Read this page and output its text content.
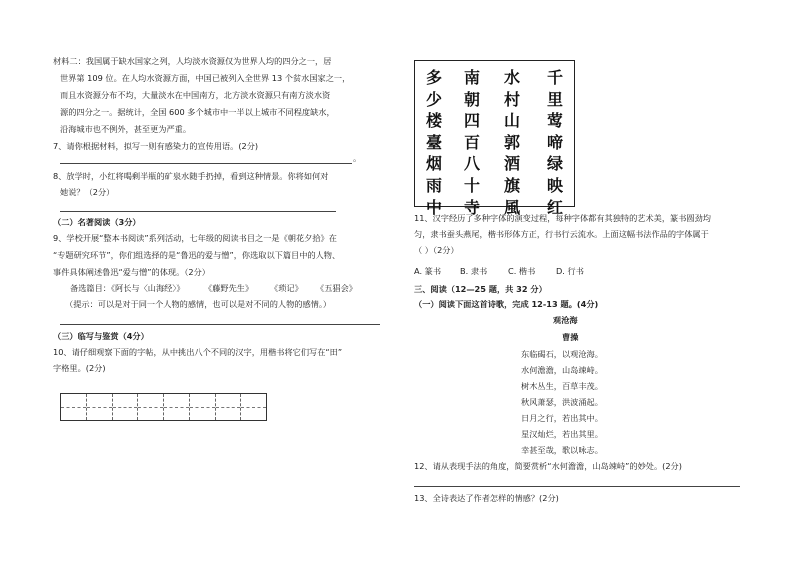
材料二：我国属于缺水国家之列，人均淡水资源仅为世界人均的四分之一，居
世界第 109 位。在人均水资源方面，中国已被列入全世界 13 个贫水国家之一，
而且水资源分布不均，大量淡水在中国南方，北方淡水资源只有南方淡水资
源的四分之一。据统计，全国 600 多个城市中一半以上城市不同程度缺水，
沿海城市也不例外，甚至更为严重。
7、请你根据材料，拟写一则有感染力的宣传用语。(2分)
。
8、放学时，小红将喝剩半瓶的矿泉水随手扔掉，看到这种情景。你将如何对
她说？（2分）
（二）名著阅读（3分）
9、学校开展“整本书阅读”系列活动，七年级的阅读书目之一是《朝花夕拾》在
“专题研究环节”，你们组选择的是“鲁迅的爱与憎”，你选取以下篇目中的人物、
事件具体阐述鲁迅“爱与憎”的体现。（2分）
备选篇目：《阿长与〈山海经〉》 《藤野先生》 《琐记》 《五猖会》
（提示：可以是对于同一个人物的感情，也可以是对不同的人物的感情。）
（三）临写与鉴赏（4分）
10、请仔细观察下面的字帖，从中挑出八个不同的汉字，用楷书将它们写在“田”
字格里。(2分)
千
里
莺
啼
绿
映
红
水
村
山
郭
酒
旗
風
南
朝
四
百
八
十
寺
多
少
楼
臺
烟
雨
中
11、汉字经历了多种字体的演变过程，每种字体都有其独特的艺术美，篆书圆劲均
匀，隶书蚕头燕尾，楷书形体方正，行书行云流水。上面这幅书法作品的字体属于
（ ）（2分）
A. 篆书 B. 隶书	C. 楷书	D. 行书
三、阅读（12—25 题，共 32 分）
（一）阅读下面这首诗歌，完成 12-13 题。(4分)
观沧海
曹操
东临碣石，以观沧海。
水何澹澹，山岛竦峙。
树木丛生，百草丰茂。
秋风萧瑟，洪波涌起。
日月之行，若出其中。
星汉灿烂，若出其里。
幸甚至哉，歌以咏志。
12、请从表现手法的角度，简要赏析“水何澹澹，山岛竦峙”的妙处。(2分)
13、全诗表达了作者怎样的情感？(2分)
